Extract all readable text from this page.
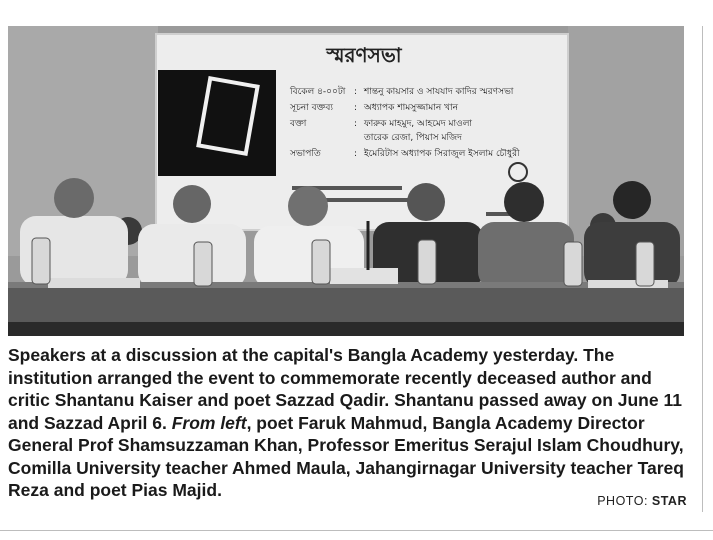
স্মরণসভা
বিকেল ৪-০০টা : শান্তনু কায়সার ও সাযযাদ কাদির স্মরণসভা
সূচনা বক্তব্য : অধ্যাপক শামসুজ্জামান খান
বক্তা	: ফারুক মাহমুদ, আহমেদ মাওলা
তারেক রেজা, পিয়াস মজিদ
সভাপতি	: ইমেরিটাস অধ্যাপক সিরাজুল ইসলাম চৌধুরী

Speakers at a discussion at the capital's Bangla Academy yesterday. The institution arranged the event to commemorate recently deceased author and critic Shantanu Kaiser and poet Sazzad Qadir. Shantanu passed away on June 11 and Sazzad April 6. From left, poet Faruk Mahmud, Bangla Academy Director General Prof Shamsuzzaman Khan, Professor Emeritus Serajul Islam Choudhury, Comilla University teacher Ahmed Maula, Jahangirnagar University teacher Tareq Reza and poet Pias Majid.

PHOTO: STAR
